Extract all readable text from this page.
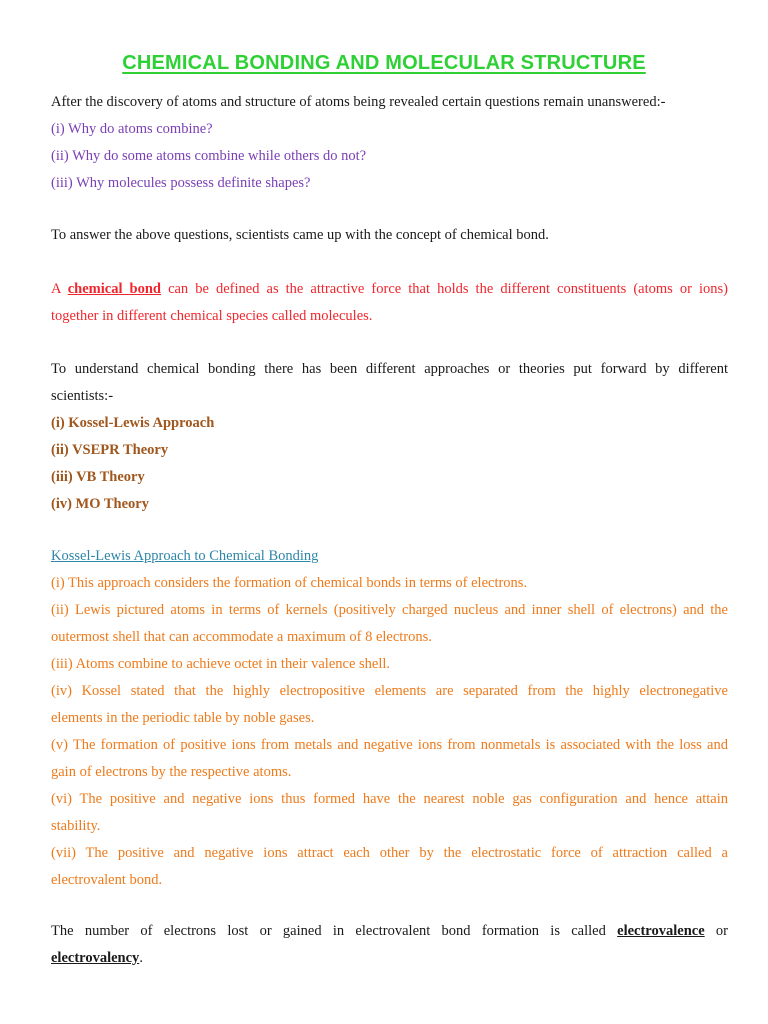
CHEMICAL BONDING AND MOLECULAR STRUCTURE
After the discovery of atoms and structure of atoms being revealed certain questions remain unanswered:-
(i) Why do atoms combine?
(ii) Why do some atoms combine while others do not?
(iii) Why molecules possess definite shapes?
To answer the above questions, scientists came up with the concept of chemical bond.
A chemical bond can be defined as the attractive force that holds the different constituents (atoms or ions)
together in different chemical species called molecules.
To understand chemical bonding there has been different approaches or theories put forward by different
scientists:-
(i) Kossel-Lewis Approach
(ii) VSEPR Theory
(iii) VB Theory
(iv) MO Theory
Kossel-Lewis Approach to Chemical Bonding
(i) This approach considers the formation of chemical bonds in terms of electrons.
(ii) Lewis pictured atoms in terms of kernels (positively charged nucleus and inner shell of electrons) and the
outermost shell that can accommodate a maximum of 8 electrons.
(iii) Atoms combine to achieve octet in their valence shell.
(iv) Kossel stated that the highly electropositive elements are separated from the highly electronegative
elements in the periodic table by noble gases.
(v) The formation of positive ions from metals and negative ions from nonmetals is associated with the loss and
gain of electrons by the respective atoms.
(vi) The positive and negative ions thus formed have the nearest noble gas configuration and hence attain
stability.
(vii) The positive and negative ions attract each other by the electrostatic force of attraction called a
electrovalent bond.
The number of electrons lost or gained in electrovalent bond formation is called electrovalence or
electrovalency.
